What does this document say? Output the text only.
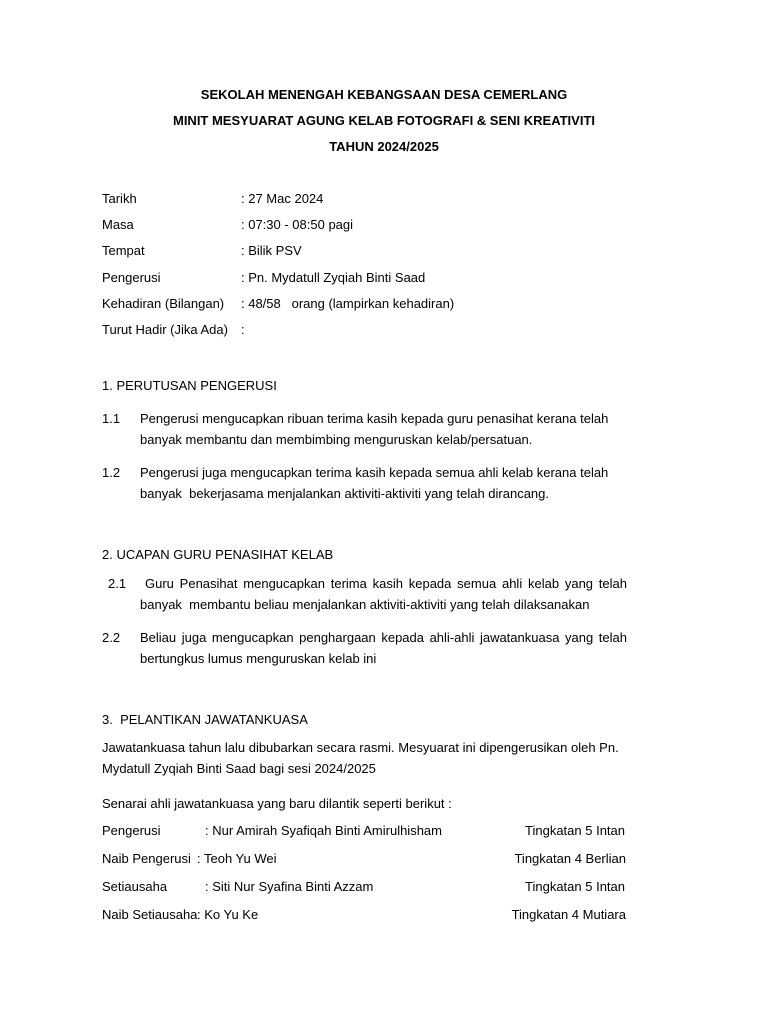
SEKOLAH MENENGAH KEBANGSAAN DESA CEMERLANG
MINIT MESYUARAT AGUNG KELAB FOTOGRAFI & SENI KREATIVITI
TAHUN 2024/2025
Tarikh	: 27 Mac 2024
Masa	: 07:30 - 08:50 pagi
Tempat	: Bilik PSV
Pengerusi	: Pn. Mydatull Zyqiah Binti Saad
Kehadiran (Bilangan) : 48/58   orang (lampirkan kehadiran)
Turut Hadir (Jika Ada) :
1. PERUTUSAN PENGERUSI
1.1 Pengerusi mengucapkan ribuan terima kasih kepada guru penasihat kerana telah banyak membantu dan membimbing menguruskan kelab/persatuan.
1.2 Pengerusi juga mengucapkan terima kasih kepada semua ahli kelab kerana telah banyak  bekerjasama menjalankan aktiviti-aktiviti yang telah dirancang.
2. UCAPAN GURU PENASIHAT KELAB
2.1	Guru Penasihat mengucapkan terima kasih kepada semua ahli kelab yang telah banyak  membantu beliau menjalankan aktiviti-aktiviti yang telah dilaksanakan
2.2 Beliau juga mengucapkan penghargaan kepada ahli-ahli jawatankuasa yang telah bertungkus lumus menguruskan kelab ini
3.  PELANTIKAN JAWATANKUASA
Jawatankuasa tahun lalu dibubarkan secara rasmi. Mesyuarat ini dipengerusikan oleh Pn. Mydatull Zyqiah Binti Saad bagi sesi 2024/2025
Senarai ahli jawatankuasa yang baru dilantik seperti berikut :
Pengerusi	: Nur Amirah Syafiqah Binti Amirulhisham	Tingkatan 5 Intan
Naib Pengerusi : Teoh Yu Wei	Tingkatan 4 Berlian
Setiausaha	: Siti Nur Syafina Binti Azzam	Tingkatan 5 Intan
Naib Setiausaha : Ko Yu Ke	Tingkatan 4 Mutiara
